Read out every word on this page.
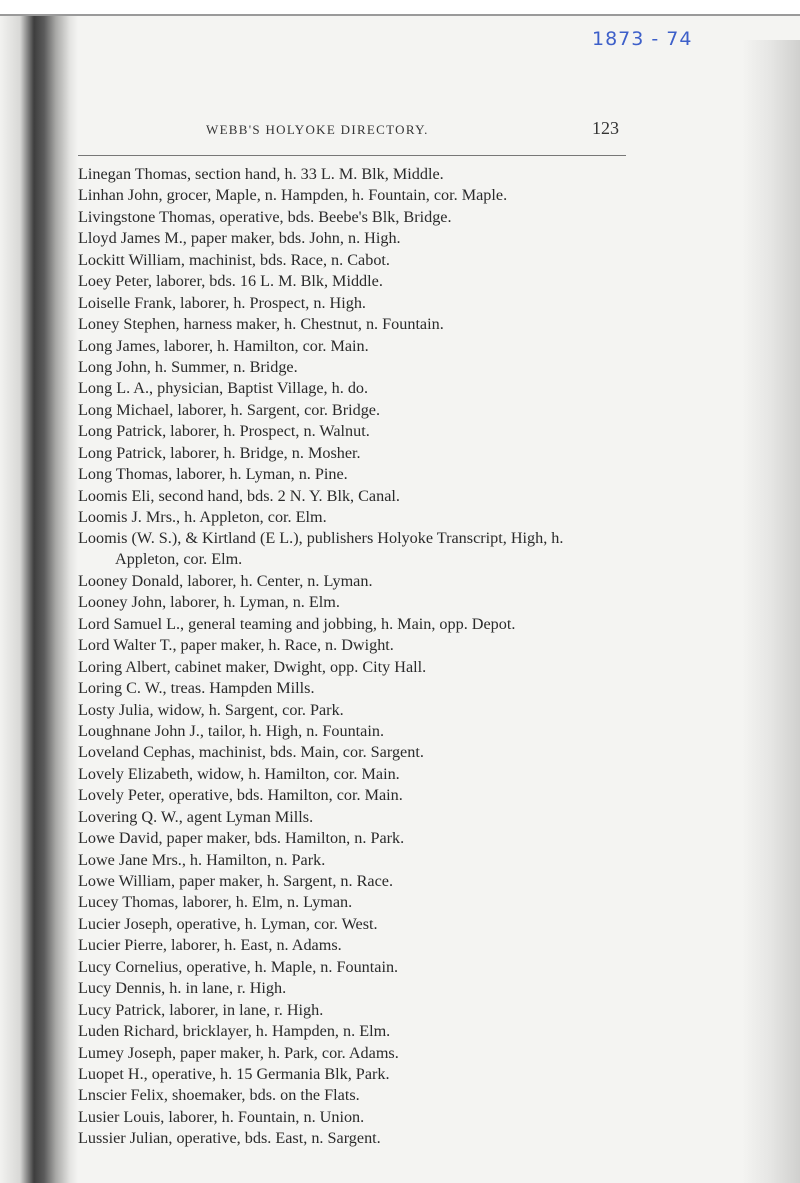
1873 - 74
WEBB'S HOLYOKE DIRECTORY.	123
Linegan Thomas, section hand, h. 33 L. M. Blk, Middle.
Linhan John, grocer, Maple, n. Hampden, h. Fountain, cor. Maple.
Livingstone Thomas, operative, bds. Beebe's Blk, Bridge.
Lloyd James M., paper maker, bds. John, n. High.
Lockitt William, machinist, bds. Race, n. Cabot.
Loey Peter, laborer, bds. 16 L. M. Blk, Middle.
Loiselle Frank, laborer, h. Prospect, n. High.
Loney Stephen, harness maker, h. Chestnut, n. Fountain.
Long James, laborer, h. Hamilton, cor. Main.
Long John, h. Summer, n. Bridge.
Long L. A., physician, Baptist Village, h. do.
Long Michael, laborer, h. Sargent, cor. Bridge.
Long Patrick, laborer, h. Prospect, n. Walnut.
Long Patrick, laborer, h. Bridge, n. Mosher.
Long Thomas, laborer, h. Lyman, n. Pine.
Loomis Eli, second hand, bds. 2 N. Y. Blk, Canal.
Loomis J. Mrs., h. Appleton, cor. Elm.
Loomis (W. S.), & Kirtland (E L.), publishers Holyoke Transcript, High, h. Appleton, cor. Elm.
Looney Donald, laborer, h. Center, n. Lyman.
Looney John, laborer, h. Lyman, n. Elm.
Lord Samuel L., general teaming and jobbing, h. Main, opp. Depot.
Lord Walter T., paper maker, h. Race, n. Dwight.
Loring Albert, cabinet maker, Dwight, opp. City Hall.
Loring C. W., treas. Hampden Mills.
Losty Julia, widow, h. Sargent, cor. Park.
Loughnane John J., tailor, h. High, n. Fountain.
Loveland Cephas, machinist, bds. Main, cor. Sargent.
Lovely Elizabeth, widow, h. Hamilton, cor. Main.
Lovely Peter, operative, bds. Hamilton, cor. Main.
Lovering Q. W., agent Lyman Mills.
Lowe David, paper maker, bds. Hamilton, n. Park.
Lowe Jane Mrs., h. Hamilton, n. Park.
Lowe William, paper maker, h. Sargent, n. Race.
Lucey Thomas, laborer, h. Elm, n. Lyman.
Lucier Joseph, operative, h. Lyman, cor. West.
Lucier Pierre, laborer, h. East, n. Adams.
Lucy Cornelius, operative, h. Maple, n. Fountain.
Lucy Dennis, h. in lane, r. High.
Lucy Patrick, laborer, in lane, r. High.
Luden Richard, bricklayer, h. Hampden, n. Elm.
Lumey Joseph, paper maker, h. Park, cor. Adams.
Luopet H., operative, h. 15 Germania Blk, Park.
Lnscier Felix, shoemaker, bds. on the Flats.
Lusier Louis, laborer, h. Fountain, n. Union.
Lussier Julian, operative, bds. East, n. Sargent.
